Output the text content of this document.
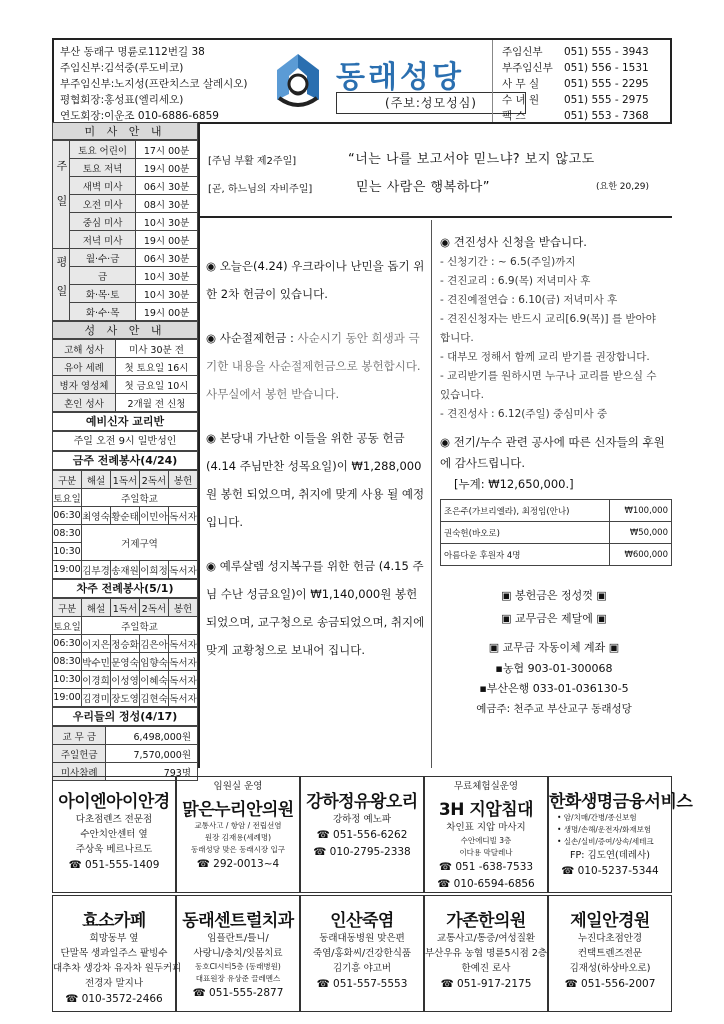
부산 동래구 명륜로112번길 38
주임신부:김석중(루도비코)
부주임신부:노지성(프란치스코 살레시오)
평협회장:홍성표(엘리세오)
연도회장:이운조 010-6886-6859
동래성당
(주보:성모성심)
주임신부	051) 555 - 3943
부주임신부	051) 556 - 1531
사 무 실	051) 555 - 2295
수 녀 원	051) 555 - 2975
팩 스	051) 553 - 7368
미 사 안 내
주일	토요 어린이	17시 00분
	토요 저녁	19시 00분
	새벽 미사	06시 30분
	오전 미사	08시 30분
	중심 미사	10시 30분
	저녁 미사	19시 00분
평일	월·수·금	06시 30분
	금	10시 30분
	화·목·토	10시 30분
	화·수·목	19시 00분
성 사 안 내
고해 성사	미사 30분 전
유아 세례	첫 토요일 16시
병자 영성체	첫 금요일 10시
혼인 성사	2개월 전 신청
예비신자 교리반
주일 오전 9시 일반성인
금주 전례봉사(4/24)
구분	해설	1독서	2독서	봉헌
토요일	주일학교			
06:30	최영숙	황순태	이민아	독서자
08:30	거제구역			
10:30				
19:00	김부경	송재원	이희정	독서자
차주 전례봉사(5/1)
구분	해설	1독서	2독서	봉헌
토요일	주일학교			
06:30	이지은	정승화	김은아	독서자
08:30	박수민	문영숙	임향숙	독서자
10:30	이경희	이성영	이혜숙	독서자
19:00	김경미	장도영	김현숙	독서자
우리들의 정성(4/17)
교 무 금	6,498,000원
주일헌금	7,570,000원
미사참례	793명
[주님 부활 제2주일]
[곧, 하느님의 자비주일]
“너는 나를 보고서야 믿느냐? 보지 않고도
믿는 사람은 행복하다”	(요한 20,29)
◉ 오늘은(4.24) 우크라이나 난민을 돕기 위한 2차 헌금이 있습니다.
◉ 사순절제헌금 : 사순시기 동안 희생과 극기한 내용을 사순절제헌금으로 봉헌합시다. 사무실에서 봉헌 받습니다.
◉ 본당내 가난한 이들을 위한 공동 헌금(4.14 주님만찬 성목요일)이 ₩1,288,000원 봉헌 되었으며, 취지에 맞게 사용 될 예정입니다.
◉ 예루살렘 성지복구를 위한 헌금 (4.15 주님 수난 성금요일)이 ₩1,140,000원 봉헌 되었으며, 교구청으로 송금되었으며, 취지에 맞게 교황청으로 보내어 집니다.
◉ 견진성사 신청을 받습니다.
- 신청기간 : ~ 6.5(주일)까지
- 견진교리 : 6.9(목) 저녁미사 후
- 견진예절연습 : 6.10(금) 저녁미사 후
- 견진신청자는 반드시 교리[6.9(목)] 를 받아야 합니다.
- 대부모 정해서 함께 교리 받기를 권장합니다.
- 교리받기를 원하시면 누구나 교리를 받으실 수 있습니다.
- 견진성사 : 6.12(주일) 중심미사 중
◉ 전기/누수 관련 공사에 따른 신자들의 후원에 감사드립니다.
[누계: ₩12,650,000.]
조은주(가브리엘라), 최정임(안나)	₩100,000
권숙헌(바오로)	₩50,000
아름다운 후원자 4명	₩600,000
▣ 봉헌금은 정성껏 ▣
▣ 교무금은 제달에 ▣
▣ 교무금 자동이체 계좌 ▣
▪농협 903-01-300068
▪부산은행 033-01-036130-5
예금주: 천주교 부산교구 동래성당
아이엔아이안경
다초점렌즈 전문점
수안치안센터 옆
주상욱 베르나르도
☎ 051-555-1409
임원실 운영
맑은누리안의원
교통사고 / 항암 / 전립선염
원장 김재용(세례명)
동래성당 맞은 동래시장 입구
☎ 292-0013~4
강하정유왕오리
강하정 예노파
☎ 051-556-6262
☎ 010-2795-2338
무료체험실운영
3H 지압침대
차인표 지압 마사지
수안에디빌 3층
이다용 막달레나
☎ 051 -638-7533
☎ 010-6594-6856
한화생명금융서비스
• 암/치매/간병/종신보험
• 생명/손해/운전자/화재보험
• 실손/실비/증여/상속/세테크
FP: 김도연(데레사)
☎ 010-5237-5344
효소카페
희망동부 옆
단말목 생과일주스 팥빙수
대추차 생강차 유자차 원두커피
전경자 말지나
☎ 010-3572-2466
동래센트럴치과
임플란트/틀니/
사랑니/충치/잇몸치료
동호CI시티5층 (동래병원)
대표원장 유상준 끌레멘스
☎ 051-555-2877
인산죽염
동래대동병원 맞은편
죽염/홍화씨/건강한식품
김기흥 야고버
☎ 051-557-5553
가존한의원
교통사고/통증/여성질환
부산우유 농협 명륜5시점 2층
한예진 로사
☎ 051-917-2175
제일안경원
누진다초점안경
컨택트렌즈전문
김재성(하상바오로)
☎ 051-556-2007
